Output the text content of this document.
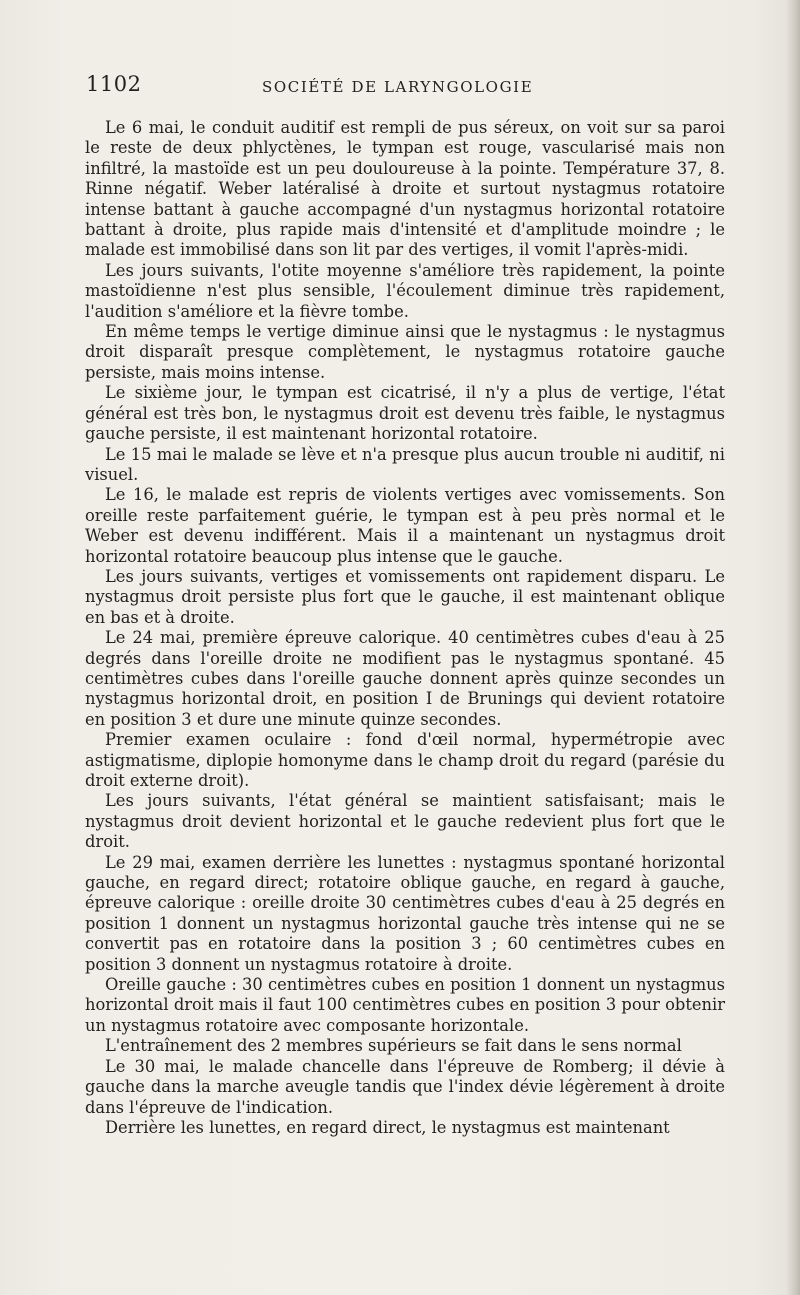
1102	SOCIÉTÉ DE LARYNGOLOGIE

Le 6 mai, le conduit auditif est rempli de pus séreux, on voit sur sa paroi le reste de deux phlyctènes, le tympan est rouge, vascularisé mais non infiltré, la mastoïde est un peu douloureuse à la pointe. Température 37, 8. Rinne négatif. Weber latéralisé à droite et surtout nystagmus rotatoire intense battant à gauche accompagné d'un nystagmus horizontal rotatoire battant à droite, plus rapide mais d'intensité et d'amplitude moindre ; le malade est immobilisé dans son lit par des vertiges, il vomit l'après-midi.

Les jours suivants, l'otite moyenne s'améliore très rapidement, la pointe mastoïdienne n'est plus sensible, l'écoulement diminue très rapidement, l'audition s'améliore et la fièvre tombe.

En même temps le vertige diminue ainsi que le nystagmus : le nystagmus droit disparaît presque complètement, le nystagmus rotatoire gauche persiste, mais moins intense.

Le sixième jour, le tympan est cicatrisé, il n'y a plus de vertige, l'état général est très bon, le nystagmus droit est devenu très faible, le nystagmus gauche persiste, il est maintenant horizontal rotatoire.

Le 15 mai le malade se lève et n'a presque plus aucun trouble ni auditif, ni visuel.

Le 16, le malade est repris de violents vertiges avec vomissements. Son oreille reste parfaitement guérie, le tympan est à peu près normal et le Weber est devenu indifférent. Mais il a maintenant un nystagmus droit horizontal rotatoire beaucoup plus intense que le gauche.

Les jours suivants, vertiges et vomissements ont rapidement disparu. Le nystagmus droit persiste plus fort que le gauche, il est maintenant oblique en bas et à droite.

Le 24 mai, première épreuve calorique. 40 centimètres cubes d'eau à 25 degrés dans l'oreille droite ne modifient pas le nystagmus spontané. 45 centimètres cubes dans l'oreille gauche donnent après quinze secondes un nystagmus horizontal droit, en position I de Brunings qui devient rotatoire en position 3 et dure une minute quinze secondes.

Premier examen oculaire : fond d'œil normal, hypermétropie avec astigmatisme, diplopie homonyme dans le champ droit du regard (parésie du droit externe droit).

Les jours suivants, l'état général se maintient satisfaisant; mais le nystagmus droit devient horizontal et le gauche redevient plus fort que le droit.

Le 29 mai, examen derrière les lunettes : nystagmus spontané horizontal gauche, en regard direct; rotatoire oblique gauche, en regard à gauche, épreuve calorique : oreille droite 30 centimètres cubes d'eau à 25 degrés en position 1 donnent un nystagmus horizontal gauche très intense qui ne se convertit pas en rotatoire dans la position 3 ; 60 centimètres cubes en position 3 donnent un nystagmus rotatoire à droite.

Oreille gauche : 30 centimètres cubes en position 1 donnent un nystagmus horizontal droit mais il faut 100 centimètres cubes en position 3 pour obtenir un nystagmus rotatoire avec composante horizontale.

L'entraînement des 2 membres supérieurs se fait dans le sens normal

Le 30 mai, le malade chancelle dans l'épreuve de Romberg; il dévie à gauche dans la marche aveugle tandis que l'index dévie légèrement à droite dans l'épreuve de l'indication.

Derrière les lunettes, en regard direct, le nystagmus est maintenant
